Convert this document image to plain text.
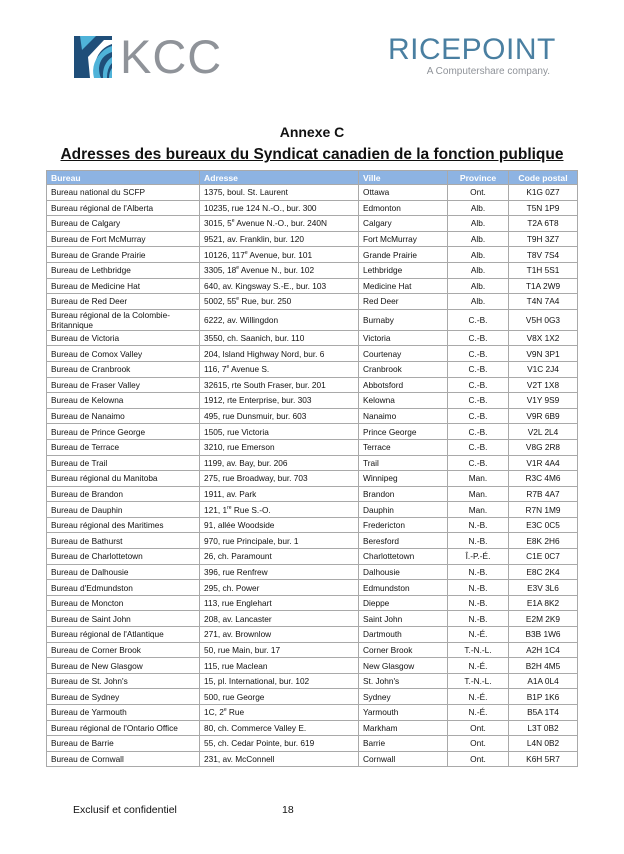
KCC	RICEPOINT
A Computershare company.
Annexe C
Adresses des bureaux du Syndicat canadien de la fonction publique
Bureau	Adresse	Ville	Province	Code postal
Bureau national du SCFP	1375, boul. St. Laurent	Ottawa	Ont.	K1G 0Z7
Bureau régional de l'Alberta	10235, rue 124 N.-O., bur. 300	Edmonton	Alb.	T5N 1P9
Bureau de Calgary	3015, 5e Avenue N.-O., bur. 240N	Calgary	Alb.	T2A 6T8
Bureau de Fort McMurray	9521, av. Franklin, bur. 120	Fort McMurray	Alb.	T9H 3Z7
Bureau de Grande Prairie	10126, 117e Avenue, bur. 101	Grande Prairie	Alb.	T8V 7S4
Bureau de Lethbridge	3305, 18e Avenue N., bur. 102	Lethbridge	Alb.	T1H 5S1
Bureau de Medicine Hat	640, av. Kingsway S.-E., bur. 103	Medicine Hat	Alb.	T1A 2W9
Bureau de Red Deer	5002, 55e Rue, bur. 250	Red Deer	Alb.	T4N 7A4
Bureau régional de la Colombie-Britannique	6222, av. Willingdon	Burnaby	C.-B.	V5H 0G3
Bureau de Victoria	3550, ch. Saanich, bur. 110	Victoria	C.-B.	V8X 1X2
Bureau de Comox Valley	204, Island Highway Nord, bur. 6	Courtenay	C.-B.	V9N 3P1
Bureau de Cranbrook	116, 7e Avenue S.	Cranbrook	C.-B.	V1C 2J4
Bureau de Fraser Valley	32615, rte South Fraser, bur. 201	Abbotsford	C.-B.	V2T 1X8
Bureau de Kelowna	1912, rte Enterprise, bur. 303	Kelowna	C.-B.	V1Y 9S9
Bureau de Nanaimo	495, rue Dunsmuir, bur. 603	Nanaimo	C.-B.	V9R 6B9
Bureau de Prince George	1505, rue Victoria	Prince George	C.-B.	V2L 2L4
Bureau de Terrace	3210, rue Emerson	Terrace	C.-B.	V8G 2R8
Bureau de Trail	1199, av. Bay, bur. 206	Trail	C.-B.	V1R 4A4
Bureau régional du Manitoba	275, rue Broadway, bur. 703	Winnipeg	Man.	R3C 4M6
Bureau de Brandon	1911, av. Park	Brandon	Man.	R7B 4A7
Bureau de Dauphin	121, 1re Rue S.-O.	Dauphin	Man.	R7N 1M9
Bureau régional des Maritimes	91, allée Woodside	Fredericton	N.-B.	E3C 0C5
Bureau de Bathurst	970, rue Principale, bur. 1	Beresford	N.-B.	E8K 2H6
Bureau de Charlottetown	26, ch. Paramount	Charlottetown	Î.-P.-É.	C1E 0C7
Bureau de Dalhousie	396, rue Renfrew	Dalhousie	N.-B.	E8C 2K4
Bureau d'Edmundston	295, ch. Power	Edmundston	N.-B.	E3V 3L6
Bureau de Moncton	113, rue Englehart	Dieppe	N.-B.	E1A 8K2
Bureau de Saint John	208, av. Lancaster	Saint John	N.-B.	E2M 2K9
Bureau régional de l'Atlantique	271, av. Brownlow	Dartmouth	N.-É.	B3B 1W6
Bureau de Corner Brook	50, rue Main, bur. 17	Corner Brook	T.-N.-L.	A2H 1C4
Bureau de New Glasgow	115, rue Maclean	New Glasgow	N.-É.	B2H 4M5
Bureau de St. John's	15, pl. International, bur. 102	St. John's	T.-N.-L.	A1A 0L4
Bureau de Sydney	500, rue George	Sydney	N.-É.	B1P 1K6
Bureau de Yarmouth	1C, 2e Rue	Yarmouth	N.-É.	B5A 1T4
Bureau régional de l'Ontario Office	80, ch. Commerce Valley E.	Markham	Ont.	L3T 0B2
Bureau de Barrie	55, ch. Cedar Pointe, bur. 619	Barrie	Ont.	L4N 0B2
Bureau de Cornwall	231, av. McConnell	Cornwall	Ont.	K6H 5R7
Exclusif et confidentiel	18
